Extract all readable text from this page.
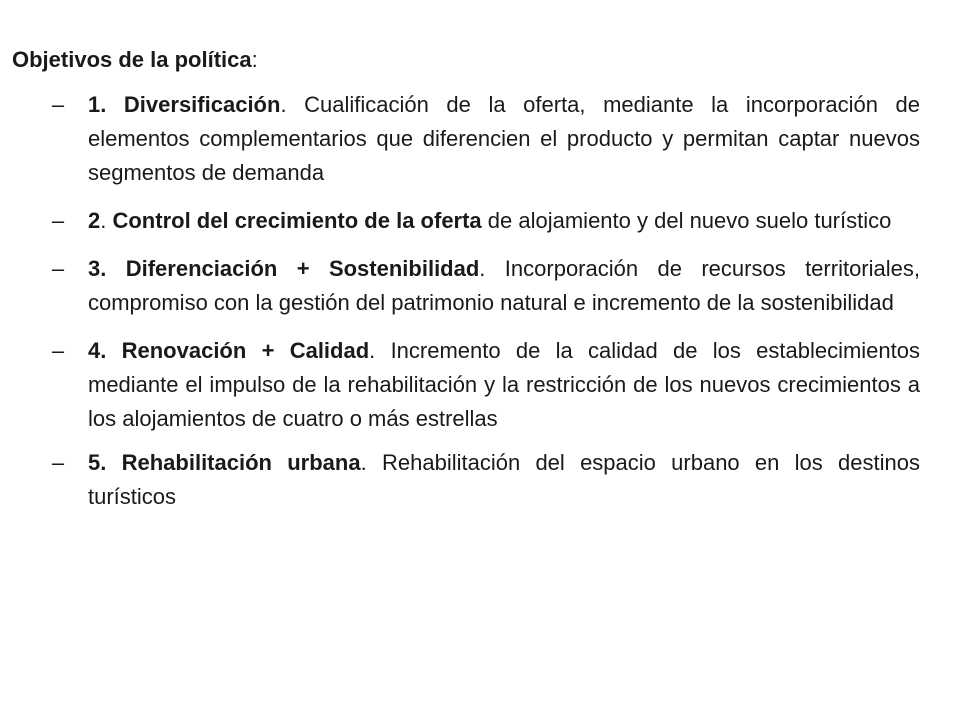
Objetivos de la política:
– 1. Diversificación. Cualificación de la oferta, mediante la incorporación de elementos complementarios que diferencien el producto y permitan captar nuevos segmentos de demanda
– 2. Control del crecimiento de la oferta de alojamiento y del nuevo suelo turístico
– 3. Diferenciación + Sostenibilidad. Incorporación de recursos territoriales, compromiso con la gestión del patrimonio natural e incremento de la sostenibilidad
– 4. Renovación + Calidad. Incremento de la calidad de los establecimientos mediante el impulso de la rehabilitación y la restricción de los nuevos crecimientos a los alojamientos de cuatro o más estrellas
– 5. Rehabilitación urbana. Rehabilitación del espacio urbano en los destinos turísticos
